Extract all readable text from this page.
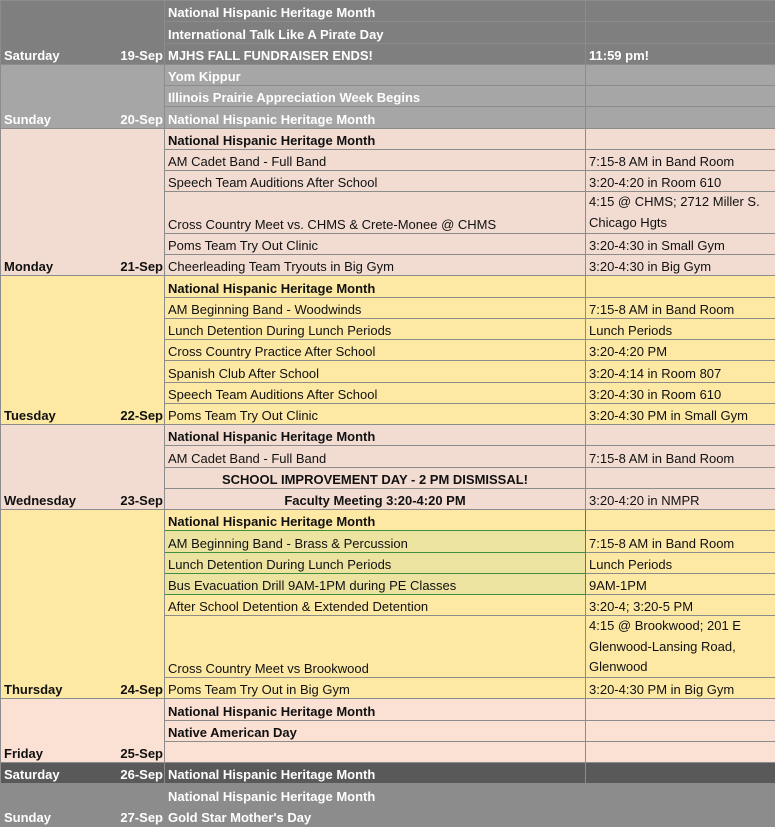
Saturday	19-Sep	National Hispanic Heritage Month	
		International Talk Like A Pirate Day	
		MJHS FALL FUNDRAISER ENDS!	11:59 pm!
Sunday	20-Sep	Yom Kippur	
		Illinois Prairie Appreciation Week Begins	
		National Hispanic Heritage Month	
Monday	21-Sep	National Hispanic Heritage Month	
		AM Cadet Band - Full Band	7:15-8 AM in Band Room
		Speech Team Auditions After School	3:20-4:20 in Room 610
		Cross Country Meet vs. CHMS & Crete-Monee @ CHMS	4:15 @ CHMS; 2712 Miller S. Chicago Hgts

		Poms Team Try Out Clinic	3:20-4:30 in Small Gym
		Cheerleading Team Tryouts in Big Gym	3:20-4:30 in Big Gym
Tuesday	22-Sep	National Hispanic Heritage Month	
		AM Beginning Band - Woodwinds	7:15-8 AM in Band Room
		Lunch Detention During Lunch Periods	Lunch Periods
		Cross Country Practice After School	3:20-4:20 PM
		Spanish Club After School	3:20-4:14 in Room 807
		Speech Team Auditions After School	3:20-4:30 in Room 610
		Poms Team Try Out Clinic	3:20-4:30 PM in Small Gym
Wednesday	23-Sep	National Hispanic Heritage Month	
		AM Cadet Band - Full Band	7:15-8 AM in Band Room
		SCHOOL IMPROVEMENT DAY - 2 PM DISMISSAL!	
		Faculty Meeting 3:20-4:20 PM	3:20-4:20 in NMPR
Thursday	24-Sep	National Hispanic Heritage Month	
		AM Beginning Band - Brass & Percussion	7:15-8 AM in Band Room
		Lunch Detention During Lunch Periods	Lunch Periods
		Bus Evacuation Drill 9AM-1PM during PE Classes	9AM-1PM
		After School Detention & Extended Detention	3:20-4; 3:20-5 PM
		Cross Country Meet vs Brookwood	4:15 @ Brookwood; 201 E Glenwood-Lansing Road, Glenwood

		Poms Team Try Out in Big Gym	3:20-4:30 PM in Big Gym
Friday	25-Sep	National Hispanic Heritage Month	
		Native American Day	

Saturday	26-Sep	National Hispanic Heritage Month	
Sunday	27-Sep	National Hispanic Heritage Month	
		Gold Star Mother's Day	
